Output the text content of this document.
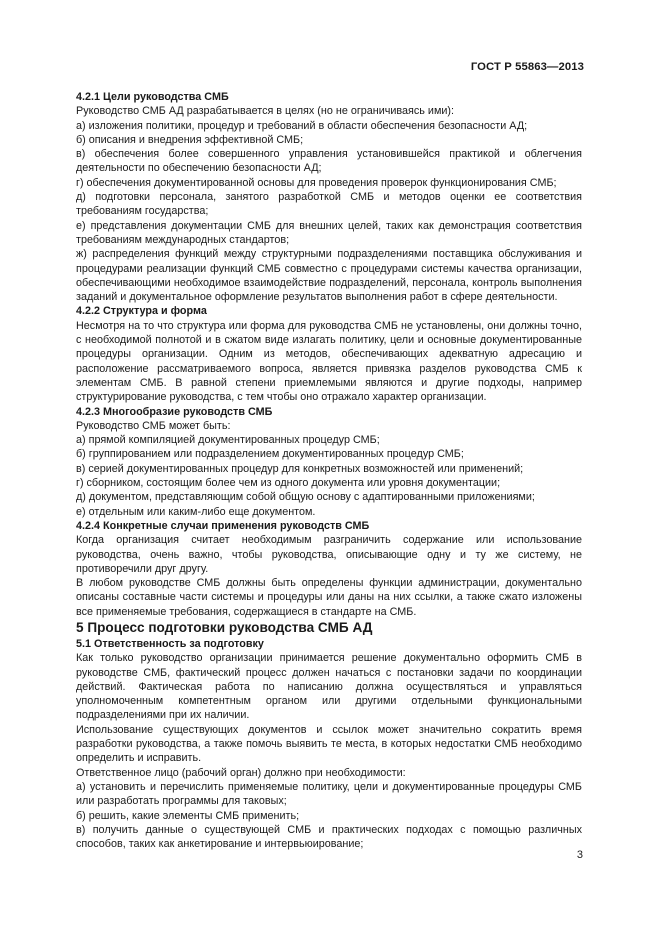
ГОСТ Р 55863—2013

4.2.1 Цели руководства СМБ

Руководство СМБ АД разрабатывается в целях (но не ограничиваясь ими):

а) изложения политики, процедур и требований в области обеспечения безопасности АД;

б) описания и внедрения эффективной СМБ;

в) обеспечения более совершенного управления установившейся практикой и облегчения деятельности по обеспечению безопасности АД;

г) обеспечения документированной основы для проведения проверок функционирования СМБ;

д) подготовки персонала, занятого разработкой СМБ и методов оценки ее соответствия требованиям государства;

е) представления документации СМБ для внешних целей, таких как демонстрация соответствия требованиям международных стандартов;

ж) распределения функций между структурными подразделениями поставщика обслуживания и процедурами реализации функций СМБ совместно с процедурами системы качества организации, обеспечивающими необходимое взаимодействие подразделений, персонала, контроль выполнения заданий и документальное оформление результатов выполнения работ в сфере деятельности.

4.2.2 Структура и форма

Несмотря на то что структура или форма для руководства СМБ не установлены, они должны точно, с необходимой полнотой и в сжатом виде излагать политику, цели и основные документированные процедуры организации. Одним из методов, обеспечивающих адекватную адресацию и расположение рассматриваемого вопроса, является привязка разделов руководства СМБ к элементам СМБ. В равной степени приемлемыми являются и другие подходы, например структурирование руководства, с тем чтобы оно отражало характер организации.

4.2.3 Многообразие руководств СМБ

Руководство СМБ может быть:

а) прямой компиляцией документированных процедур СМБ;

б) группированием или подразделением документированных процедур СМБ;

в) серией документированных процедур для конкретных возможностей или применений;

г) сборником, состоящим более чем из одного документа или уровня документации;

д) документом, представляющим собой общую основу с адаптированными приложениями;

е) отдельным или каким-либо еще документом.

4.2.4 Конкретные случаи применения руководств СМБ

Когда организация считает необходимым разграничить содержание или использование руководства, очень важно, чтобы руководства, описывающие одну и ту же систему, не противоречили друг другу.

В любом руководстве СМБ должны быть определены функции администрации, документально описаны составные части системы и процедуры или даны на них ссылки, а также сжато изложены все применяемые требования, содержащиеся в стандарте на СМБ.

5 Процесс подготовки руководства СМБ АД

5.1 Ответственность за подготовку

Как только руководство организации принимается решение документально оформить СМБ в руководстве СМБ, фактический процесс должен начаться с постановки задачи по координации действий. Фактическая работа по написанию должна осуществляться и управляться уполномоченным компетентным органом или другими отдельными функциональными подразделениями при их наличии.

Использование существующих документов и ссылок может значительно сократить время разработки руководства, а также помочь выявить те места, в которых недостатки СМБ необходимо определить и исправить.

Ответственное лицо (рабочий орган) должно при необходимости:

а) установить и перечислить применяемые политику, цели и документированные процедуры СМБ или разработать программы для таковых;

б) решить, какие элементы СМБ применить;

в) получить данные о существующей СМБ и практических подходах с помощью различных способов, таких как анкетирование и интервьюирование;

3
